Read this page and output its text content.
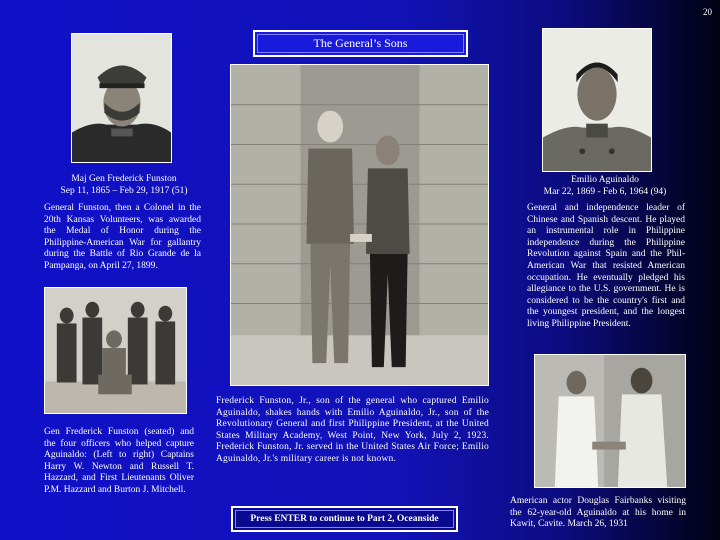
20
The General’s Sons
Maj Gen Frederick Funston
Sep 11, 1865 – Feb 29, 1917 (51)
Emilio Aguinaldo
Mar 22, 1869 - Feb 6, 1964 (94)
General Funston, then a Colonel in the 20th Kansas Volunteers, was awarded the Medal of Honor during the Philippine-American War for gallantry during the Battle of Rio Grande de la Pampanga, on April 27, 1899.
General and independence leader of Chinese and Spanish descent. He played an instrumental role in Philippine independence during the Philippine Revolution against Spain and the Phil-American War that resisted American occupation. He eventually pledged his allegiance to the U.S. government. He is considered to be the country's first and the youngest president, and the longest living Philippine President.
Gen Frederick Funston (seated) and the four officers who helped capture Aguinaldo: (Left to right) Captains Harry W. Newton and Russell T. Hazzard, and First Lieutenants Oliver P.M. Hazzard and Burton J. Mitchell.
Frederick Funston, Jr., son of the general who captured Emilio Aguinaldo, shakes hands with Emilio Aguinaldo, Jr., son of the Revolutionary General and first Philippine President, at the United States Military Academy, West Point, New York, July 2, 1923. Frederick Funston, Jr. served in the United States Air Force; Emilio Aguinaldo, Jr.'s military career is not known.
American actor Douglas Fairbanks visiting the 62-year-old Aguinaldo at his home in Kawit, Cavite. March 26, 1931
Press ENTER to continue to Part 2, Oceanside
